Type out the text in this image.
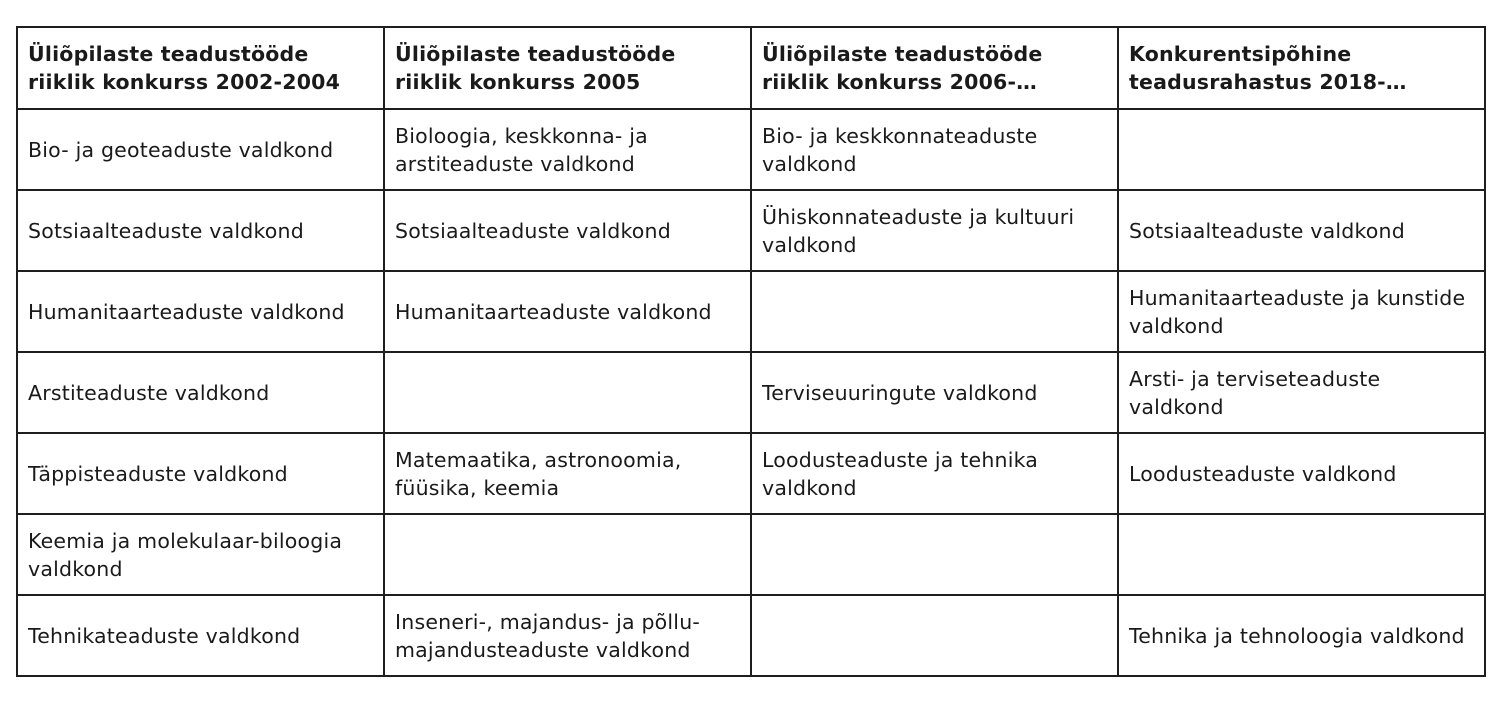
Üliõpilaste teadustööde riiklik konkurss 2002-2004	Üliõpilaste teadustööde riiklik konkurss 2005	Üliõpilaste teadustööde riiklik konkurss 2006-…	Konkurentsipõhine teadusrahastus 2018-…
Bio- ja geoteaduste valdkond	Bioloogia, keskkonna- ja arstiteaduste valdkond	Bio- ja keskkonnateaduste valdkond	
Sotsiaalteaduste valdkond	Sotsiaalteaduste valdkond	Ühiskonnateaduste ja kultuuri valdkond	Sotsiaalteaduste valdkond
Humanitaarteaduste valdkond	Humanitaarteaduste valdkond		Humanitaarteaduste ja kunstide valdkond
Arstiteaduste valdkond		Terviseuuringute valdkond	Arsti- ja terviseteaduste valdkond
Täppisteaduste valdkond	Matemaatika, astronoomia, füüsika, keemia	Loodusteaduste ja tehnika valdkond	Loodusteaduste valdkond
Keemia ja molekulaar-biloogia valdkond			
Tehnikateaduste valdkond	Inseneri-, majandus- ja põllu-majandusteaduste valdkond		Tehnika ja tehnoloogia valdkond
